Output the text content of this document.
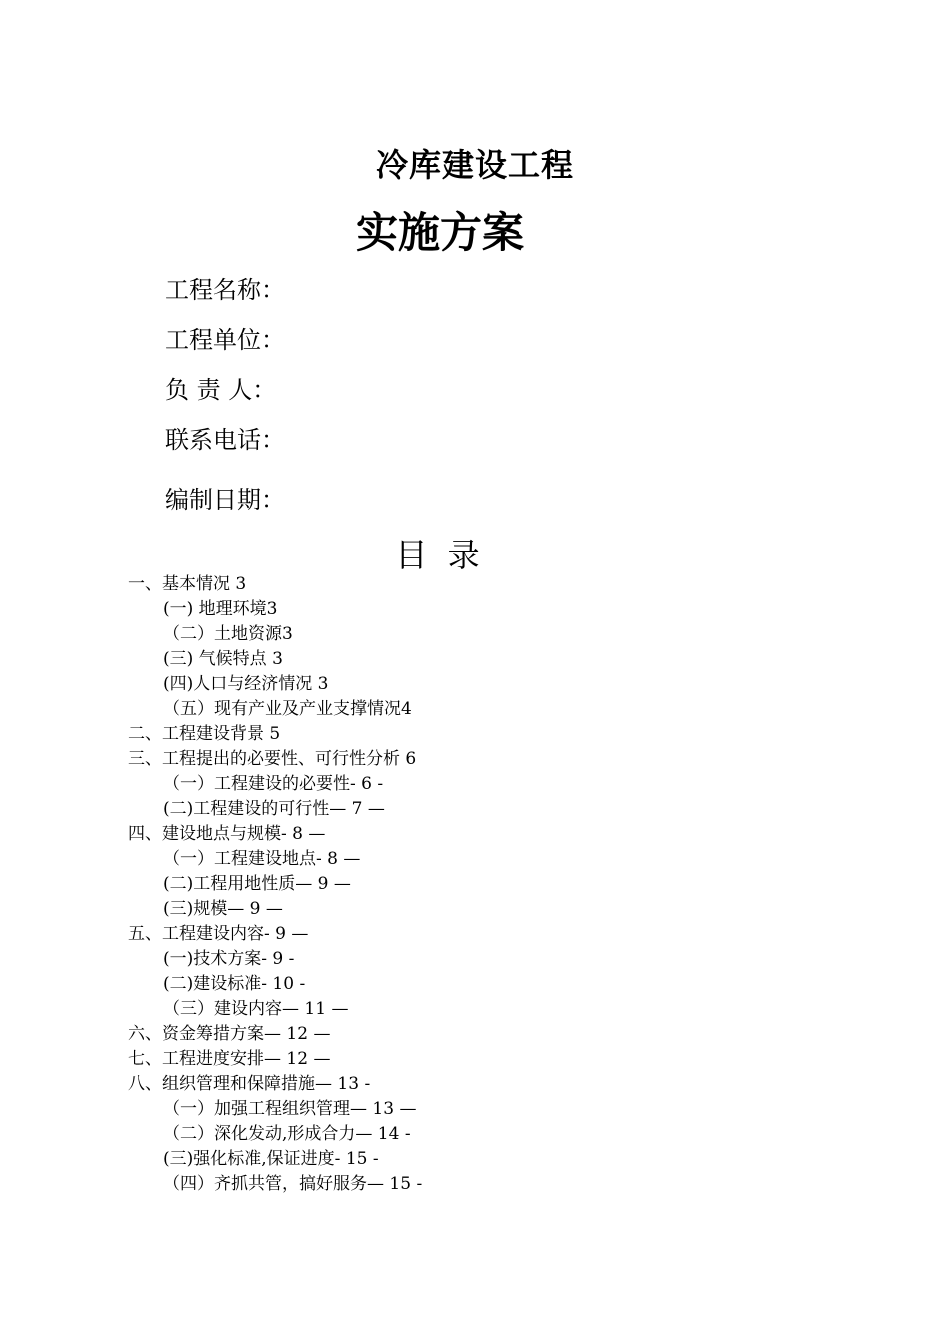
冷库建设工程
实施方案
工程名称：
工程单位：
负 责 人：
联系电话：
编制日期：
目 录
一、基本情况 3
(一) 地理环境3
（二）土地资源3
(三) 气候特点 3
(四)人口与经济情况 3
（五）现有产业及产业支撑情况4
二、工程建设背景 5
三、工程提出的必要性、可行性分析 6
（一）工程建设的必要性- 6 -
(二)工程建设的可行性— 7 —
四、建设地点与规模- 8 —
（一）工程建设地点- 8 —
(二)工程用地性质— 9 —
(三)规模— 9 —
五、工程建设内容- 9 —
(一)技术方案- 9 -
(二)建设标准- 10 -
（三）建设内容— 11 —
六、资金筹措方案— 12 —
七、工程进度安排— 12 —
八、组织管理和保障措施— 13 -
（一）加强工程组织管理— 13 —
（二）深化发动,形成合力— 14 -
(三)强化标准,保证进度- 15 -
（四）齐抓共管，搞好服务— 15 -
